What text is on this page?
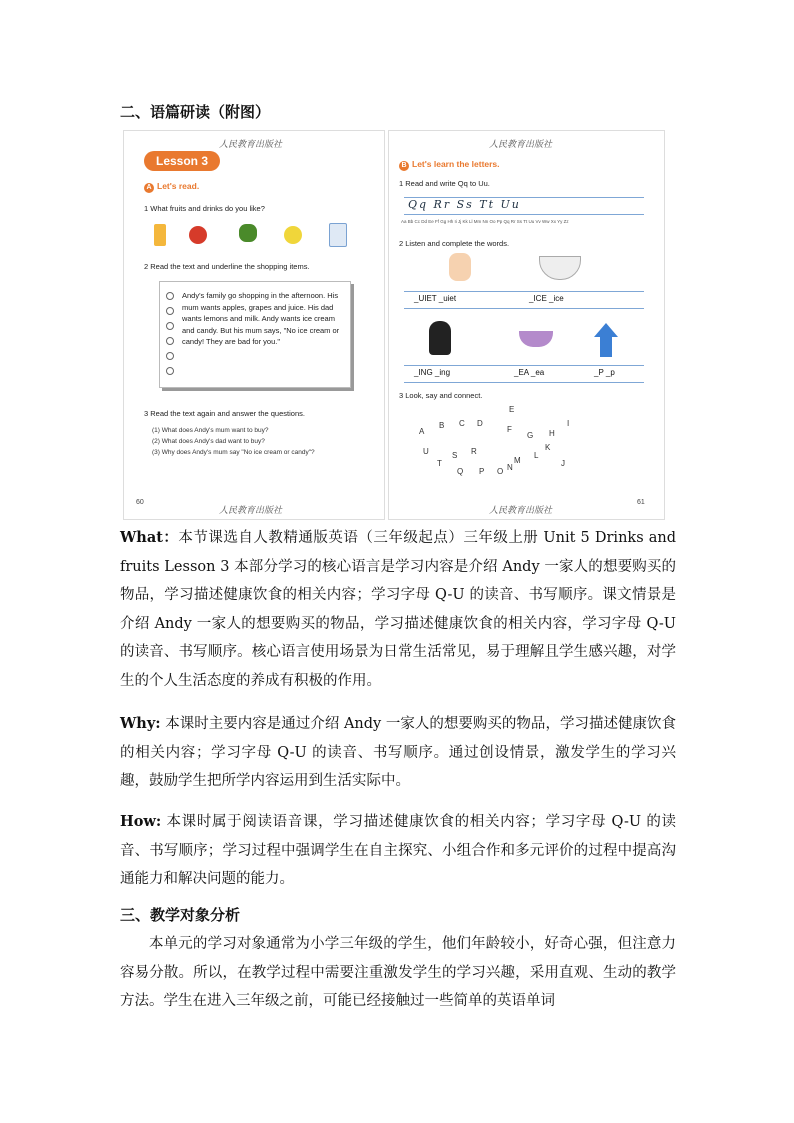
二、语篇研读（附图）
人民教育出版社
Lesson 3
A Let's read.
1 What fruits and drinks do you like?
2 Read the text and underline the shopping items.
Andy's family go shopping in the afternoon. His mum wants apples, grapes and juice. His dad wants lemons and milk. Andy wants ice cream and candy. But his mum says, "No ice cream or candy! They are bad for you."
3 Read the text again and answer the questions.
(1) What does Andy's mum want to buy?
(2) What does Andy's dad want to buy?
(3) Why does Andy's mum say "No ice cream or candy"?
60
人民教育出版社
人民教育出版社
B Let's learn the letters.
1 Read and write Qq to Uu.
Qq Rr Ss Tt Uu
Aa Bb Cc Dd Ee Ff Gg Hh Ii Jj Kk Ll Mm Nn Oo Pp Qq Rr Ss Tt Uu Vv Ww Xx Yy Zz
2 Listen and complete the words.
_UIET _uiet	_ICE _ice
_ING _ing	_EA _ea	_P _p
3 Look, say and connect.
A
B C D
E
F
G H
I
J
K
L
M
N
O
P
Q
R
S
T
U
61
人民教育出版社
What：本节课选自人教精通版英语（三年级起点）三年级上册 Unit 5 Drinks and fruits Lesson 3 本部分学习的核心语言是学习内容是介绍 Andy 一家人的想要购买的物品，学习描述健康饮食的相关内容；学习字母 Q-U 的读音、书写顺序。课文情景是介绍 Andy 一家人的想要购买的物品，学习描述健康饮食的相关内容，学习字母 Q-U 的读音、书写顺序。核心语言使用场景为日常生活常见，易于理解且学生感兴趣，对学生的个人生活态度的养成有积极的作用。
Why: 本课时主要内容是通过介绍 Andy 一家人的想要购买的物品，学习描述健康饮食的相关内容；学习字母 Q-U 的读音、书写顺序。通过创设情景，激发学生的学习兴趣，鼓励学生把所学内容运用到生活实际中。
How: 本课时属于阅读语音课，学习描述健康饮食的相关内容；学习字母 Q-U 的读音、书写顺序；学习过程中强调学生在自主探究、小组合作和多元评价的过程中提高沟通能力和解决问题的能力。
三、教学对象分析
本单元的学习对象通常为小学三年级的学生，他们年龄较小，好奇心强，但注意力容易分散。所以，在教学过程中需要注重激发学生的学习兴趣，采用直观、生动的教学方法。学生在进入三年级之前，可能已经接触过一些简单的英语单词
